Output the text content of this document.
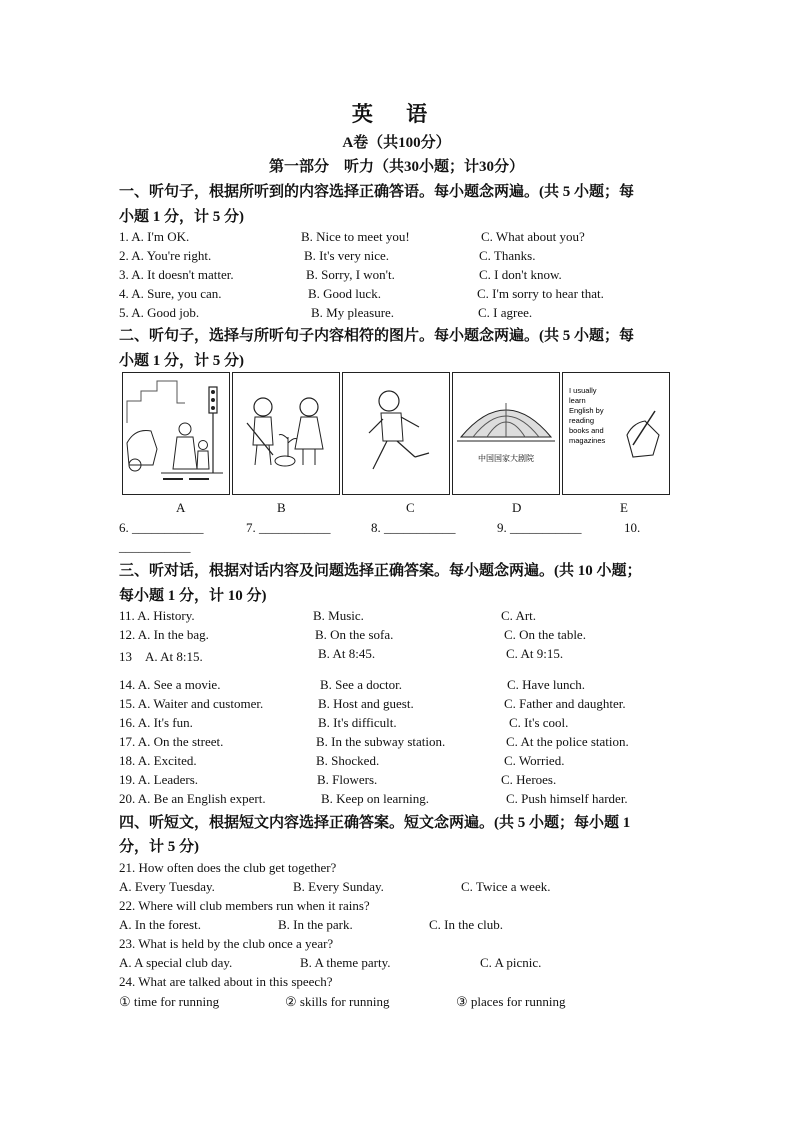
英 语
A卷（共100分）
第一部分　听力（共30小题；计30分）
一、听句子，根据所听到的内容选择正确答语。每小题念两遍。(共 5 小题；每
小题 1 分，计 5 分)
1. A. I'm OK.	B. Nice to meet you!	C. What about you?
2. A. You're right.	B. It's very nice.	C. Thanks.
3. A. It doesn't matter.	B. Sorry, I won't.	C. I don't know.
4. A. Sure, you can.	B. Good luck.	C. I'm sorry to hear that.
5. A. Good job.	B. My pleasure.	C. I agree.
二、听句子，选择与所听句子内容相符的图片。每小题念两遍。(共 5 小题；每
小题 1 分，计 5 分)
中国国家大剧院
I usually
learn
English by
reading
books and
magazines
A	B	C	D	E
6. ___________	7. ___________	8. ___________	9. ___________	10.
___________
三、听对话，根据对话内容及问题选择正确答案。每小题念两遍。(共 10 小题；
每小题 1 分，计 10 分)
11. A. History.	B. Music.	C. Art.
12. A. In the bag.	B. On the sofa.	C. On the table.
13　A. At 8:15.	B. At 8:45.	C. At 9:15.
14. A. See a movie.	B. See a doctor.	C. Have lunch.
15. A. Waiter and customer.	B. Host and guest.	C. Father and daughter.
16. A. It's fun.	B. It's difficult.	C. It's cool.
17. A. On the street.	B. In the subway station.	C. At the police station.
18. A. Excited.	B. Shocked.	C. Worried.
19. A. Leaders.	B. Flowers.	C. Heroes.
20. A. Be an English expert.	B. Keep on learning.	C. Push himself harder.
四、听短文，根据短文内容选择正确答案。短文念两遍。(共 5 小题；每小题 1
分，计 5 分)
21. How often does the club get together?
A. Every Tuesday.	B. Every Sunday.	C. Twice a week.
22. Where will club members run when it rains?
A. In the forest.	B. In the park.	C. In the club.
23. What is held by the club once a year?
A. A special club day.	B. A theme party.	C. A picnic.
24. What are talked about in this speech?
① time for running	② skills for running	③ places for running
